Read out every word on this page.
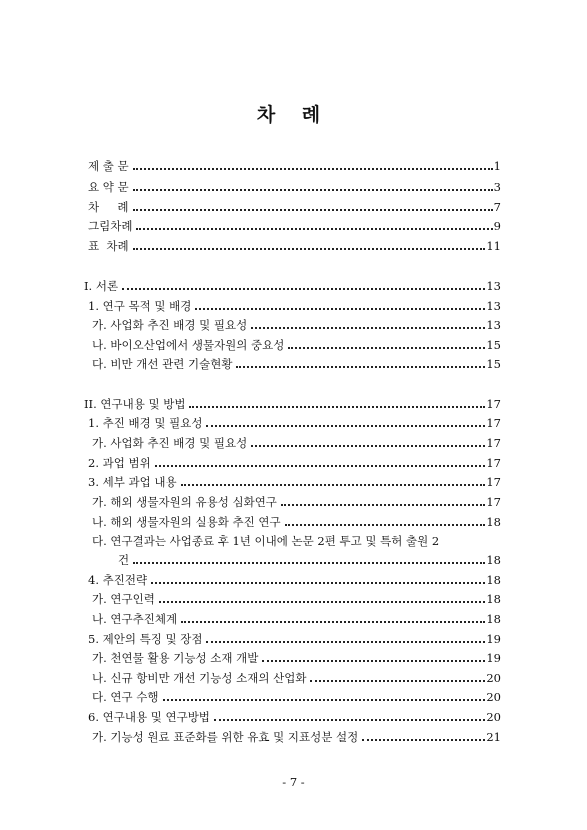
차 례
제 출 문	1
요 약 문	3
차     례	7
그림차례	9
표  차례	11
I. 서론	13
1. 연구 목적 및 배경	13
가. 사업화 추진 배경 및 필요성	13
나. 바이오산업에서 생물자원의 중요성	15
다. 비만 개선 관련 기술현황	15
II. 연구내용 및 방법	17
1. 추진 배경 및 필요성	17
가. 사업화 추진 배경 및 필요성	17
2. 과업 범위	17
3. 세부 과업 내용	17
가. 해외 생물자원의 유용성 심화연구	17
나. 해외 생물자원의 실용화 추진 연구	18
다. 연구결과는 사업종료 후 1년 이내에 논문 2편 투고 및 특허 출원 2
건	18
4. 추진전략	18
가. 연구인력	18
나. 연구추진체계	18
5. 제안의 특징 및 장점	19
가. 천연물 활용 기능성 소재 개발	19
나. 신규 항비만 개선 기능성 소재의 산업화	20
다. 연구 수행	20
6. 연구내용 및 연구방법	20
가. 기능성 원료 표준화를 위한 유효 및 지표성분 설정	21
- 7 -
